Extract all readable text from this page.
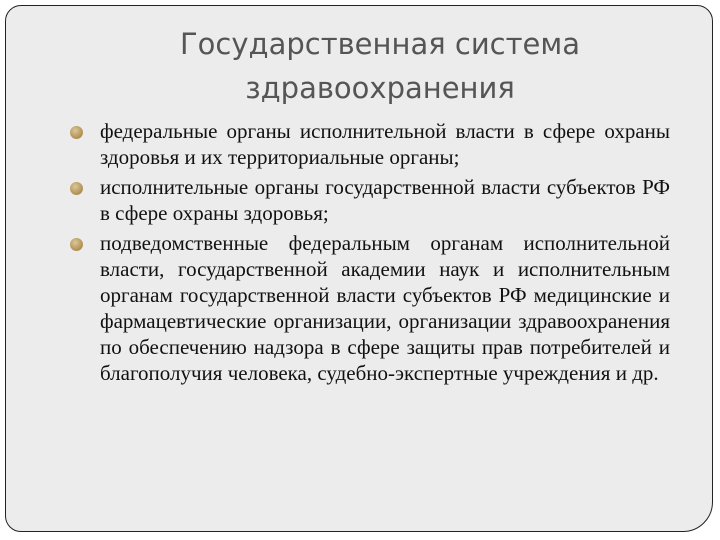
Государственная система
здравоохранения
федеральные органы исполнительной власти в сфере охраны здоровья и их территориальные органы;
исполнительные органы государственной власти субъектов РФ в сфере охраны здоровья;
подведомственные федеральным органам исполнительной власти, государственной академии наук и исполнительным органам государственной власти субъектов РФ медицинские и фармацевтические организации, организации здравоохранения по обеспечению надзора в сфере защиты прав потребителей и благополучия человека, судебно-экспертные учреждения и др.
